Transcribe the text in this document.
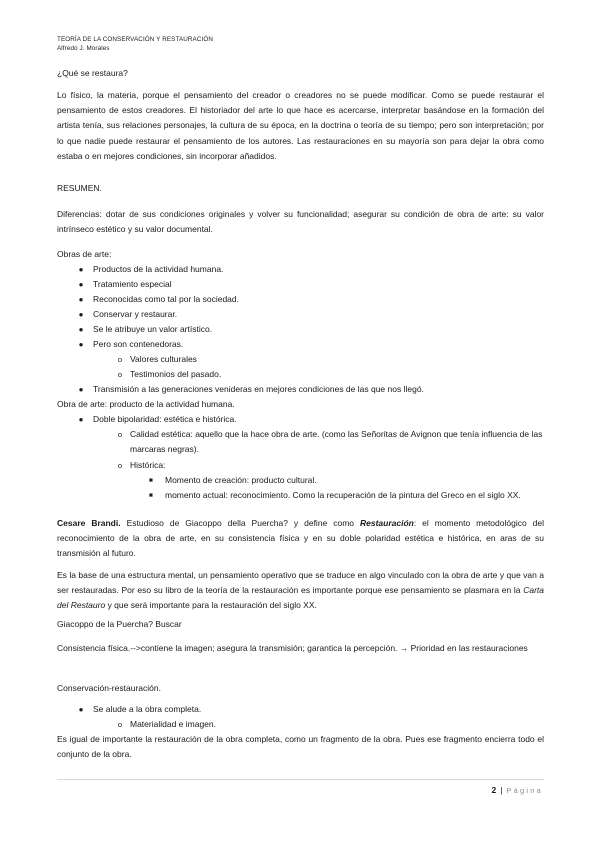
TEORÍA DE LA CONSERVACIÓN Y RESTAURACIÓN
Alfredo J. Morales
¿Qué se restaura?

Lo físico, la materia, porque el pensamiento del creador o creadores no se puede modificar. Como se puede restaurar el pensamiento de estos creadores. El historiador del arte lo que hace es acercarse, interpretar basándose en la formación del artista tenía, sus relaciones personajes, la cultura de su época, en la doctrina o teoría de su tiempo; pero son interpretación; por lo que nadie puede restaurar el pensamiento de los autores. Las restauraciones en su mayoría son para dejar la obra como estaba o en mejores condiciones, sin incorporar añadidos.

RESUMEN.

Diferencias: dotar de sus condiciones originales y volver su funcionalidad; asegurar su condición de obra de arte: su valor intrínseco estético y su valor documental.

Obras de arte:
● Productos de la actividad humana.
● Tratamiento especial
● Reconocidas como tal por la sociedad.
● Conservar y restaurar.
● Se le atribuye un valor artístico.
● Pero son contenedoras.
o Valores culturales
o Testimonios del pasado.
● Transmisión a las generaciones venideras en mejores condiciones de las que nos llegó.
Obra de arte: producto de la actividad humana.
● Doble bipolaridad: estética e histórica.
o Calidad estética: aquello que la hace obra de arte. (como las Señoritas de Avignon que tenía influencia de las marcaras negras).
o Histórica:
■ Momento de creación: producto cultural.
■ momento actual: reconocimiento. Como la recuperación de la pintura del Greco en el siglo XX.

Cesare Brandi. Estudioso de Giacoppo della Puercha? y define como Restauración: el momento metodológico del reconocimiento de la obra de arte, en su consistencia física y en su doble polaridad estética e histórica, en aras de su transmisión al futuro.

Es la base de una estructura mental, un pensamiento operativo que se traduce en algo vinculado con la obra de arte y que van a ser restauradas. Por eso su libro de la teoría de la restauración es importante porque ese pensamiento se plasmara en la Carta del Restauro y que será importante para la restauración del siglo XX.

Giacoppo de la Puercha? Buscar

Consistencia física.-->contiene la imagen; asegura la transmisión; garantica la percepción. → Prioridad en las restauraciones

Conservación-restauración.
● Se alude a la obra completa.
o Materialidad e imagen.

Es igual de importante la restauración de la obra completa, como un fragmento de la obra. Pues ese fragmento encierra todo el conjunto de la obra.

2 | Página
